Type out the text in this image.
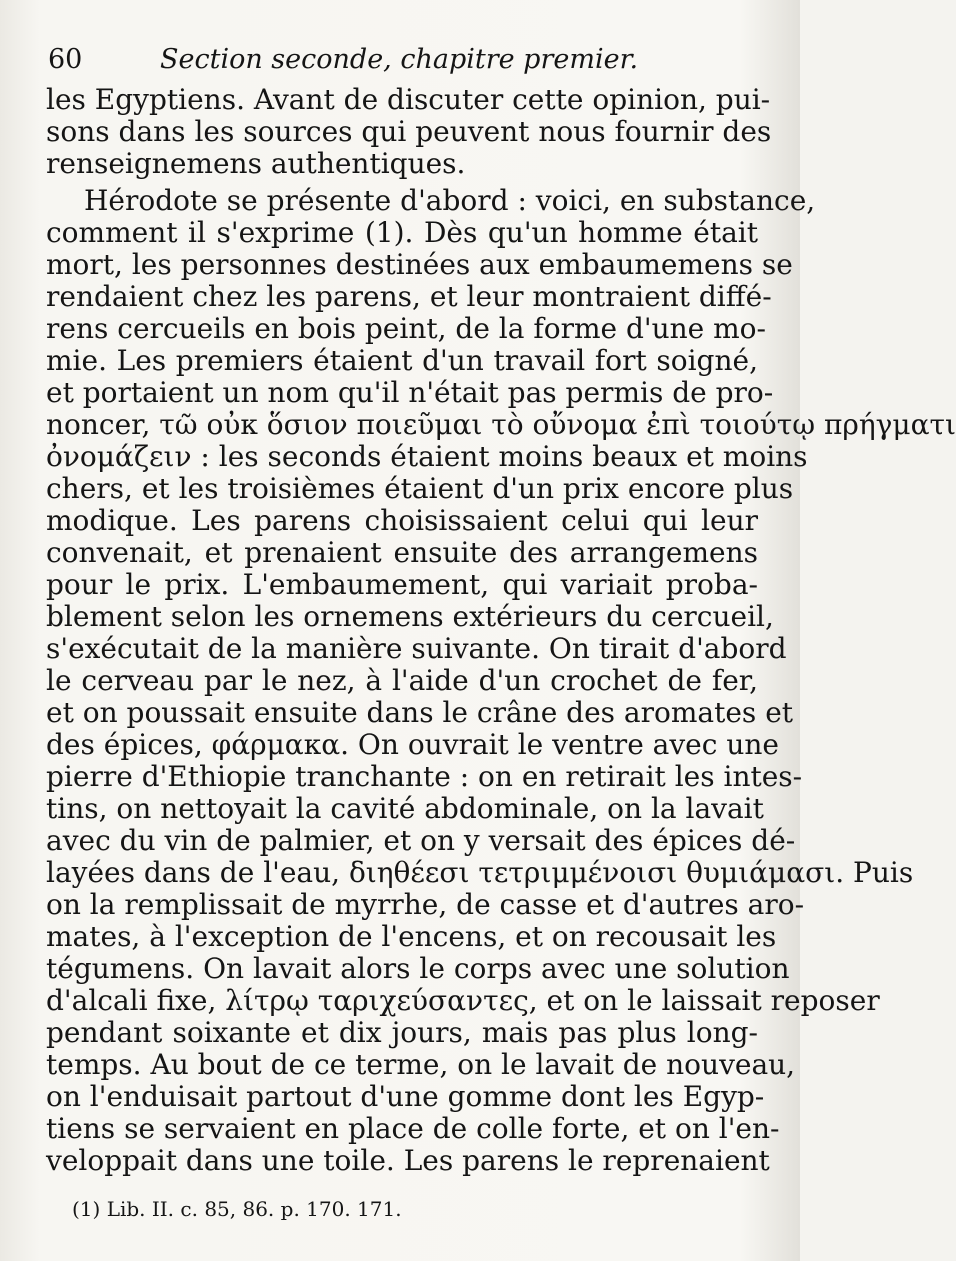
60	Section seconde, chapitre premier.
les Egyptiens. Avant de discuter cette opinion, pui-
sons dans les sources qui peuvent nous fournir des
renseignemens authentiques.
Hérodote se présente d'abord : voici, en substance,
comment il s'exprime (1). Dès qu'un homme était
mort, les personnes destinées aux embaumemens se
rendaient chez les parens, et leur montraient diffé-
rens cercueils en bois peint, de la forme d'une mo-
mie. Les premiers étaient d'un travail fort soigné,
et portaient un nom qu'il n'était pas permis de pro-
noncer, τῶ οὐκ ὅσιον ποιεῦμαι τὸ οὔνομα ἐπὶ τοιούτῳ πρήγματι
ὀνομάζειν : les seconds étaient moins beaux et moins
chers, et les troisièmes étaient d'un prix encore plus
modique. Les parens choisissaient celui qui leur
convenait, et prenaient ensuite des arrangemens
pour le prix. L'embaumement, qui variait proba-
blement selon les ornemens extérieurs du cercueil,
s'exécutait de la manière suivante. On tirait d'abord
le cerveau par le nez, à l'aide d'un crochet de fer,
et on poussait ensuite dans le crâne des aromates et
des épices, φάρμακα. On ouvrait le ventre avec une
pierre d'Ethiopie tranchante : on en retirait les intes-
tins, on nettoyait la cavité abdominale, on la lavait
avec du vin de palmier, et on y versait des épices dé-
layées dans de l'eau, διηθέεσι τετριμμένοισι θυμιάμασι. Puis
on la remplissait de myrrhe, de casse et d'autres aro-
mates, à l'exception de l'encens, et on recousait les
tégumens. On lavait alors le corps avec une solution
d'alcali fixe, λίτρῳ ταριχεύσαντες, et on le laissait reposer
pendant soixante et dix jours, mais pas plus long-
temps. Au bout de ce terme, on le lavait de nouveau,
on l'enduisait partout d'une gomme dont les Egyp-
tiens se servaient en place de colle forte, et on l'en-
veloppait dans une toile. Les parens le reprenaient
(1) Lib. II. c. 85, 86. p. 170. 171.
